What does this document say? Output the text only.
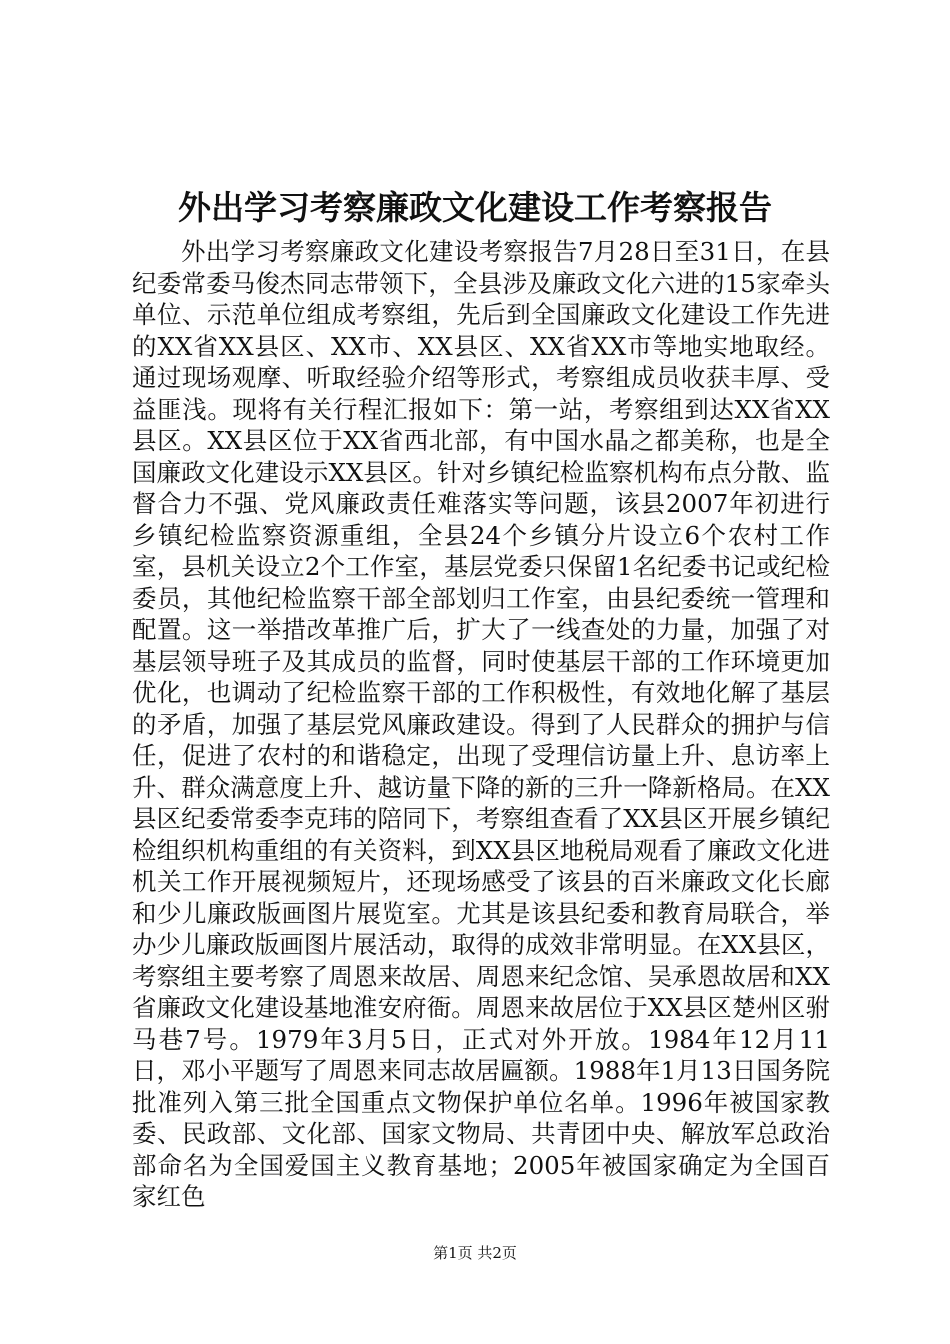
外出学习考察廉政文化建设工作考察报告

外出学习考察廉政文化建设考察报告7月28日至31日，在县纪委常委马俊杰同志带领下，全县涉及廉政文化六进的15家牵头单位、示范单位组成考察组，先后到全国廉政文化建设工作先进的XX省XX县区、XX市、XX县区、XX省XX市等地实地取经。通过现场观摩、听取经验介绍等形式，考察组成员收获丰厚、受益匪浅。现将有关行程汇报如下：第一站，考察组到达XX省XX县区。XX县区位于XX省西北部，有中国水晶之都美称，也是全国廉政文化建设示XX县区。针对乡镇纪检监察机构布点分散、监督合力不强、党风廉政责任难落实等问题，该县2007年初进行乡镇纪检监察资源重组，全县24个乡镇分片设立6个农村工作室，县机关设立2个工作室，基层党委只保留1名纪委书记或纪检委员，其他纪检监察干部全部划归工作室，由县纪委统一管理和配置。这一举措改革推广后，扩大了一线查处的力量，加强了对基层领导班子及其成员的监督，同时使基层干部的工作环境更加优化，也调动了纪检监察干部的工作积极性，有效地化解了基层的矛盾，加强了基层党风廉政建设。得到了人民群众的拥护与信任，促进了农村的和谐稳定，出现了受理信访量上升、息访率上升、群众满意度上升、越访量下降的新的三升一降新格局。在XX县区纪委常委李克玮的陪同下，考察组查看了XX县区开展乡镇纪检组织机构重组的有关资料，到XX县区地税局观看了廉政文化进机关工作开展视频短片，还现场感受了该县的百米廉政文化长廊和少儿廉政版画图片展览室。尤其是该县纪委和教育局联合，举办少儿廉政版画图片展活动，取得的成效非常明显。在XX县区，考察组主要考察了周恩来故居、周恩来纪念馆、吴承恩故居和XX省廉政文化建设基地淮安府衙。周恩来故居位于XX县区楚州区驸马巷7号。1979年3月5日，正式对外开放。1984年12月11日，邓小平题写了周恩来同志故居匾额。1988年1月13日国务院批准列入第三批全国重点文物保护单位名单。1996年被国家教委、民政部、文化部、国家文物局、共青团中央、解放军总政治部命名为全国爱国主义教育基地；2005年被国家确定为全国百家红色

第1页 共2页
